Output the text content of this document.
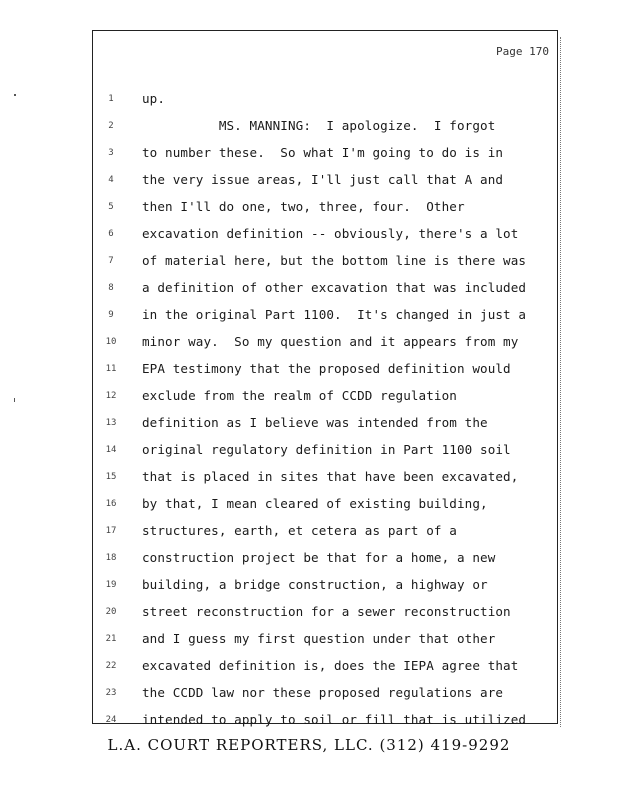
Page 170
1	up.
2	MS. MANNING:  I apologize.  I forgot
3	to number these.  So what I'm going to do is in
4	the very issue areas, I'll just call that A and
5	then I'll do one, two, three, four.  Other
6	excavation definition -- obviously, there's a lot
7	of material here, but the bottom line is there was
8	a definition of other excavation that was included
9	in the original Part 1100.  It's changed in just a
10	minor way.  So my question and it appears from my
11	EPA testimony that the proposed definition would
12	exclude from the realm of CCDD regulation
13	definition as I believe was intended from the
14	original regulatory definition in Part 1100 soil
15	that is placed in sites that have been excavated,
16	by that, I mean cleared of existing building,
17	structures, earth, et cetera as part of a
18	construction project be that for a home, a new
19	building, a bridge construction, a highway or
20	street reconstruction for a sewer reconstruction
21	and I guess my first question under that other
22	excavated definition is, does the IEPA agree that
23	the CCDD law nor these proposed regulations are
24	intended to apply to soil or fill that is utilized
L.A. COURT REPORTERS, LLC. (312) 419-9292
